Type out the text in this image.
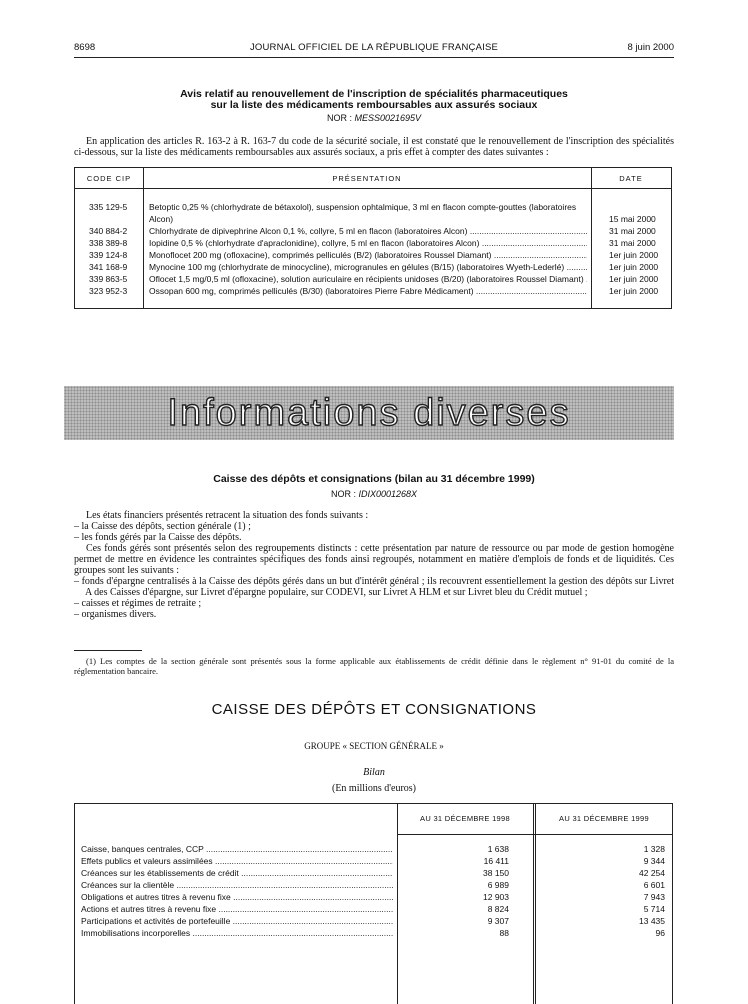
8698	JOURNAL OFFICIEL DE LA RÉPUBLIQUE FRANÇAISE	8 juin 2000
Avis relatif au renouvellement de l'inscription de spécialités pharmaceutiques
sur la liste des médicaments remboursables aux assurés sociaux
NOR : MESS0021695V

En application des articles R. 163-2 à R. 163-7 du code de la sécurité sociale, il est constaté que le renouvellement de l'inscription des spécialités ci-dessous, sur la liste des médicaments remboursables aux assurés sociaux, a pris effet à compter des dates suivantes :

CODE CIP	PRÉSENTATION	DATE
335 129-5	Betoptic 0,25 % (chlorhydrate de bétaxolol), suspension ophtalmique, 3 ml en flacon compte-gouttes (laboratoires Alcon)	15 mai 2000
340 884-2	Chlorhydrate de dipivephrine Alcon 0,1 %, collyre, 5 ml en flacon (laboratoires Alcon) .....	31 mai 2000
338 389-8	Iopidine 0,5 % (chlorhydrate d'apraclonidine), collyre, 5 ml en flacon (laboratoires Alcon) .....	31 mai 2000
339 124-8	Monoflocet 200 mg (ofloxacine), comprimés pelliculés (B/2) (laboratoires Roussel Diamant) .....	1er juin 2000
341 168-9	Mynocine 100 mg (chlorhydrate de minocycline), microgranules en gélules (B/15) (laboratoires Wyeth-Lederlé) .....	1er juin 2000
339 863-5	Oflocet 1,5 mg/0,5 ml (ofloxacine), solution auriculaire en récipients unidoses (B/20) (laboratoires Roussel Diamant) .....	1er juin 2000
323 952-3	Ossopan 600 mg, comprimés pelliculés (B/30) (laboratoires Pierre Fabre Médicament) .....	1er juin 2000
Informations diverses
Caisse des dépôts et consignations (bilan au 31 décembre 1999)
NOR : IDIX0001268X

Les états financiers présentés retracent la situation des fonds suivants :

– la Caisse des dépôts, section générale (1) ;
– les fonds gérés par la Caisse des dépôts.

Ces fonds gérés sont présentés selon des regroupements distincts : cette présentation par nature de ressource ou par mode de gestion homogène permet de mettre en évidence les contraintes spécifiques des fonds ainsi regroupés, notamment en matière d'emplois de fonds et de liquidités. Ces groupes sont les suivants :

– fonds d'épargne centralisés à la Caisse des dépôts gérés dans un but d'intérêt général ; ils recouvrent essentiellement la gestion des dépôts sur Livret A des Caisses d'épargne, sur Livret d'épargne populaire, sur CODEVI, sur Livret A HLM et sur Livret bleu du Crédit mutuel ;
– caisses et régimes de retraite ;
– organismes divers.

(1) Les comptes de la section générale sont présentés sous la forme applicable aux établissements de crédit définie dans le règlement n° 91-01 du comité de la réglementation bancaire.

CAISSE DES DÉPÔTS ET CONSIGNATIONS
GROUPE « SECTION GÉNÉRALE »
Bilan
(En millions d'euros)
AU 31 DÉCEMBRE 1998	AU 31 DÉCEMBRE 1999
Caisse, banques centrales, CCP .....	1 638	1 328
Effets publics et valeurs assimilées .....	16 411	9 344
Créances sur les établissements de crédit .....	38 150	42 254
Créances sur la clientèle .....	6 989	6 601
Obligations et autres titres à revenu fixe .....	12 903	7 943
Actions et autres titres à revenu fixe .....	8 824	5 714
Participations et activités de portefeuille .....	9 307	13 435
Immobilisations incorporelles .....	88	96
